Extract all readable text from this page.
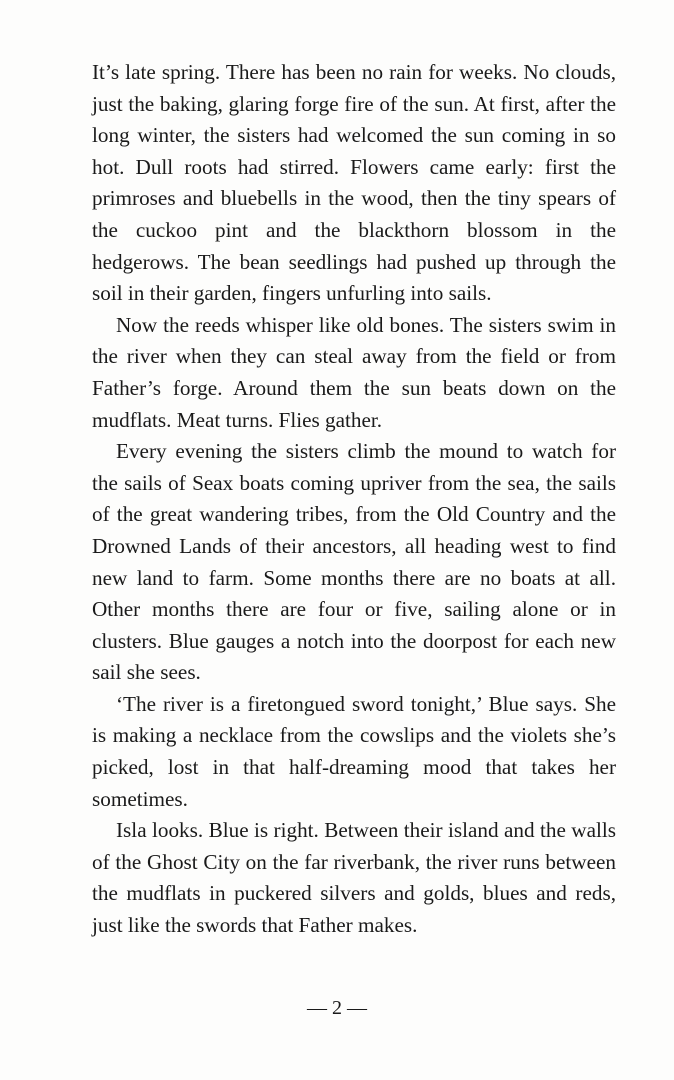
It’s late spring. There has been no rain for weeks. No clouds, just the baking, glaring forge fire of the sun. At first, after the long winter, the sisters had welcomed the sun coming in so hot. Dull roots had stirred. Flowers came early: first the primroses and bluebells in the wood, then the tiny spears of the cuckoo pint and the blackthorn blossom in the hedgerows. The bean seedlings had pushed up through the soil in their garden, fingers unfurling into sails.

Now the reeds whisper like old bones. The sisters swim in the river when they can steal away from the field or from Father’s forge. Around them the sun beats down on the mudflats. Meat turns. Flies gather.

Every evening the sisters climb the mound to watch for the sails of Seax boats coming upriver from the sea, the sails of the great wandering tribes, from the Old Country and the Drowned Lands of their ancestors, all heading west to find new land to farm. Some months there are no boats at all. Other months there are four or five, sailing alone or in clusters. Blue gauges a notch into the doorpost for each new sail she sees.

‘The river is a firetongued sword tonight,’ Blue says. She is making a necklace from the cowslips and the violets she’s picked, lost in that half-dreaming mood that takes her sometimes.

Isla looks. Blue is right. Between their island and the walls of the Ghost City on the far riverbank, the river runs between the mudflats in puckered silvers and golds, blues and reds, just like the swords that Father makes.

— 2 —
